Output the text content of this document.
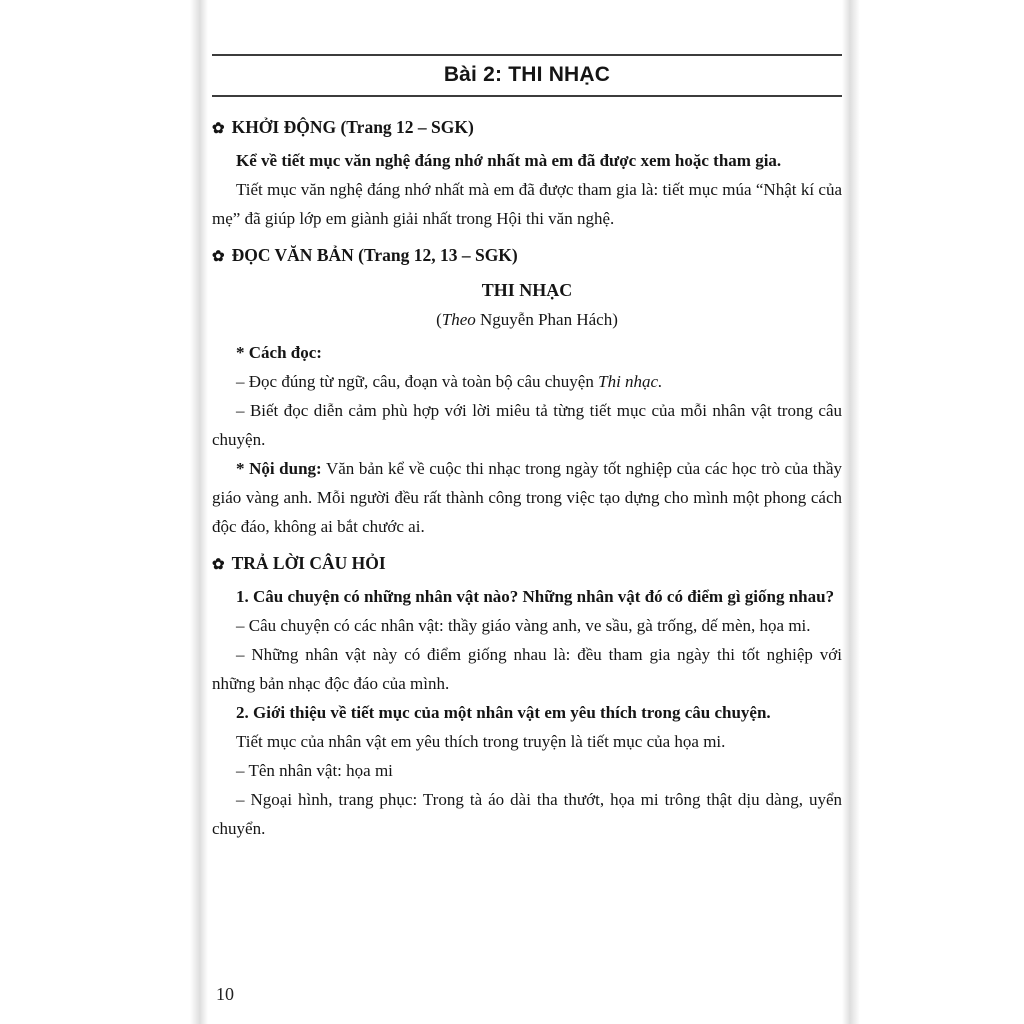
Bài 2: THI NHẠC
✿ KHỞI ĐỘNG (Trang 12 – SGK)

Kể về tiết mục văn nghệ đáng nhớ nhất mà em đã được xem hoặc tham gia.

Tiết mục văn nghệ đáng nhớ nhất mà em đã được tham gia là: tiết mục múa “Nhật kí của mẹ” đã giúp lớp em giành giải nhất trong Hội thi văn nghệ.

✿ ĐỌC VĂN BẢN (Trang 12, 13 – SGK)

THI NHẠC

(Theo Nguyễn Phan Hách)

* Cách đọc:

– Đọc đúng từ ngữ, câu, đoạn và toàn bộ câu chuyện Thi nhạc.

– Biết đọc diễn cảm phù hợp với lời miêu tả từng tiết mục của mỗi nhân vật trong câu chuyện.

* Nội dung: Văn bản kể về cuộc thi nhạc trong ngày tốt nghiệp của các học trò của thầy giáo vàng anh. Mỗi người đều rất thành công trong việc tạo dựng cho mình một phong cách độc đáo, không ai bắt chước ai.

✿ TRẢ LỜI CÂU HỎI

1. Câu chuyện có những nhân vật nào? Những nhân vật đó có điểm gì giống nhau?

– Câu chuyện có các nhân vật: thầy giáo vàng anh, ve sầu, gà trống, dế mèn, họa mi.

– Những nhân vật này có điểm giống nhau là: đều tham gia ngày thi tốt nghiệp với những bản nhạc độc đáo của mình.

2. Giới thiệu về tiết mục của một nhân vật em yêu thích trong câu chuyện.

Tiết mục của nhân vật em yêu thích trong truyện là tiết mục của họa mi.

– Tên nhân vật: họa mi

– Ngoại hình, trang phục: Trong tà áo dài tha thướt, họa mi trông thật dịu dàng, uyển chuyển.

10
